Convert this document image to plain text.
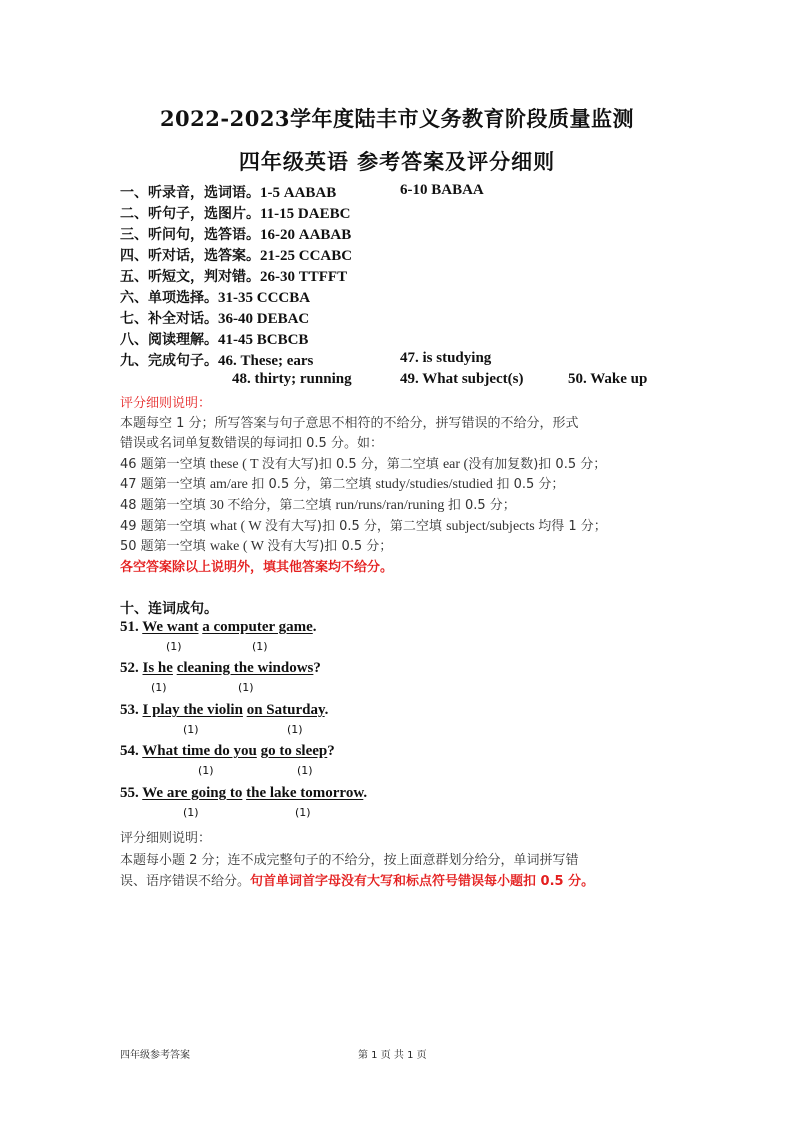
2022-2023学年度陆丰市义务教育阶段质量监测
四年级英语 参考答案及评分细则
一、听录音，选词语。1-5 AABAB	6-10 BABAA
二、听句子，选图片。11-15 DAEBC
三、听问句，选答语。16-20 AABAB
四、听对话，选答案。21-25 CCABC
五、听短文，判对错。26-30 TTFFT
六、单项选择。31-35 CCCBA
七、补全对话。36-40 DEBAC
八、阅读理解。41-45 BCBCB
九、完成句子。46. These; ears	47. is studying
48. thirty; running	49. What subject(s)	50. Wake up
评分细则说明：
本题每空 1 分；所写答案与句子意思不相符的不给分，拼写错误的不给分，形式
错误或名词单复数错误的每词扣 0.5 分。如：
46 题第一空填 these ( T 没有大写)扣 0.5 分，第二空填 ear (没有加复数)扣 0.5 分；
47 题第一空填 am/are 扣 0.5 分，第二空填 study/studies/studied 扣 0.5 分；
48 题第一空填 30 不给分，第二空填 run/runs/ran/runing 扣 0.5 分；
49 题第一空填 what ( W 没有大写)扣 0.5 分，第二空填 subject/subjects 均得 1 分；
50 题第一空填 wake ( W 没有大写)扣 0.5 分；
各空答案除以上说明外，填其他答案均不给分。
十、连词成句。
51. We want a computer game.
(1)	(1)
52. Is he cleaning the windows?
(1)	(1)
53. I play the violin on Saturday.
(1)	(1)
54. What time do you go to sleep?
(1)	(1)
55. We are going to the lake tomorrow.
(1)	(1)
评分细则说明：
本题每小题 2 分；连不成完整句子的不给分，按上面意群划分给分，单词拼写错
误、语序错误不给分。句首单词首字母没有大写和标点符号错误每小题扣 0.5 分。
四年级参考答案	第 1 页 共 1 页
